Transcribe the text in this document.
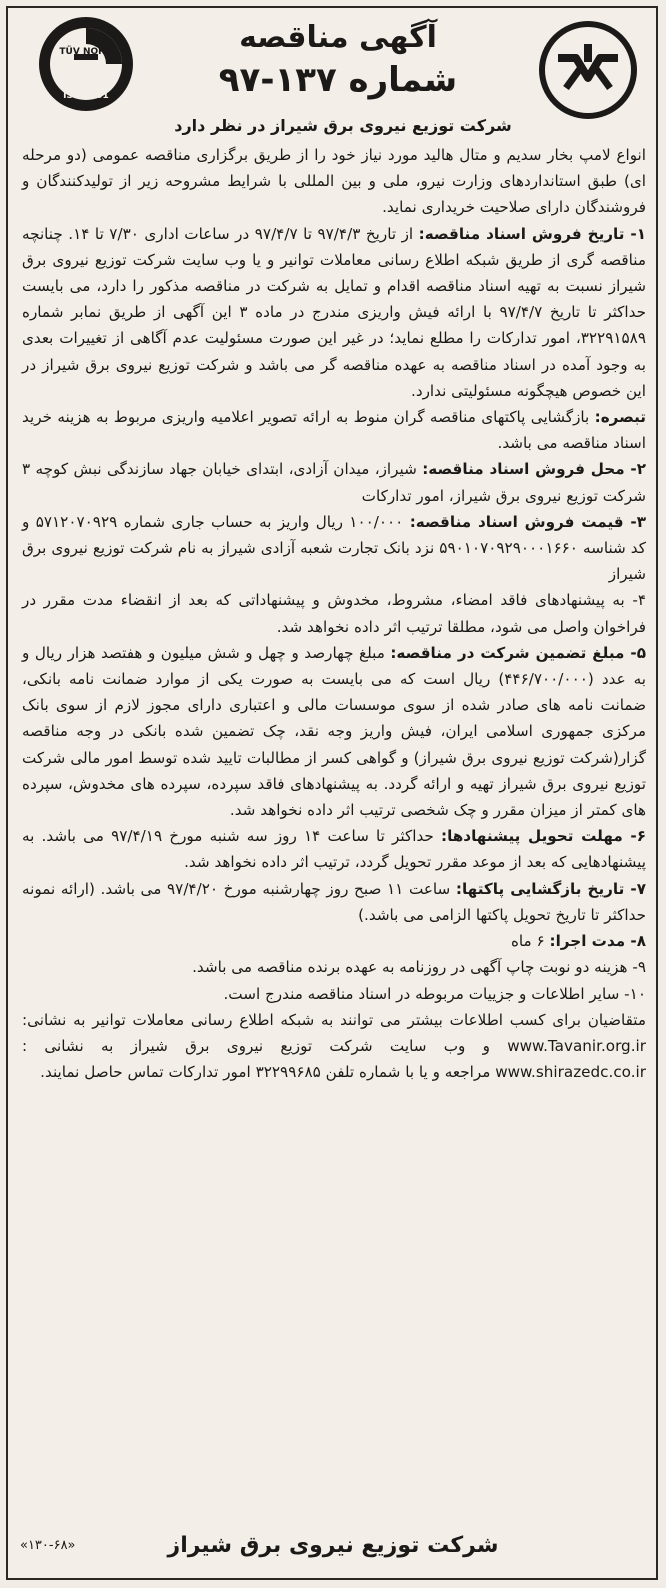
TÜV NORD
ISO 9001
آگهی مناقصه
شماره ۱۳۷-۹۷
شرکت توزیع نیروی برق شیراز در نظر دارد

انواع لامپ بخار سدیم و متال هالید مورد نیاز خود را از طریق برگزاری مناقصه عمومی (دو مرحله ای) طبق استانداردهای وزارت نیرو، ملی و بین المللی با شرایط مشروحه زیر از تولیدکنندگان و فروشندگان دارای صلاحیت خریداری نماید.

۱- تاریخ فروش اسناد مناقصه: از تاریخ ۹۷/۴/۳ تا ۹۷/۴/۷ در ساعات اداری ۷/۳۰ تا ۱۴. چنانچه مناقصه گری از طریق شبکه اطلاع رسانی معاملات توانیر و یا وب سایت شرکت توزیع نیروی برق شیراز نسبت به تهیه اسناد مناقصه اقدام و تمایل به شرکت در مناقصه مذکور را دارد، می بایست حداکثر تا تاریخ ۹۷/۴/۷ با ارائه فیش واریزی مندرج در ماده ۳ این آگهی از طریق نمابر شماره ۳۲۲۹۱۵۸۹، امور تدارکات را مطلع نماید؛ در غیر این صورت مسئولیت عدم آگاهی از تغییرات بعدی به وجود آمده در اسناد مناقصه به عهده مناقصه گر می باشد و شرکت توزیع نیروی برق شیراز در این خصوص هیچگونه مسئولیتی ندارد.

تبصره: بازگشایی پاکتهای مناقصه گران منوط به ارائه تصویر اعلامیه واریزی مربوط به هزینه خرید اسناد مناقصه می باشد.

۲- محل فروش اسناد مناقصه: شیراز، میدان آزادی، ابتدای خیابان جهاد سازندگی نبش کوچه ۳ شرکت توزیع نیروی برق شیراز، امور تدارکات

۳- قیمت فروش اسناد مناقصه: ۱۰۰/۰۰۰ ریال واریز به حساب جاری شماره ۵۷۱۲۰۷۰۹۲۹ و کد شناسه ۵۹۰۱۰۷۰۹۲۹۰۰۰۱۶۶۰ نزد بانک تجارت شعبه آزادی شیراز به نام شرکت توزیع نیروی برق شیراز

۴- به پیشنهادهای فاقد امضاء، مشروط، مخدوش و پیشنهاداتی که بعد از انقضاء مدت مقرر در فراخوان واصل می شود، مطلقا ترتیب اثر داده نخواهد شد.

۵- مبلغ تضمین شرکت در مناقصه: مبلغ چهارصد و چهل و شش میلیون و هفتصد هزار ریال و به عدد (۴۴۶/۷۰۰/۰۰۰) ریال است که می بایست به صورت یکی از موارد ضمانت نامه بانکی، ضمانت نامه های صادر شده از سوی موسسات مالی و اعتباری دارای مجوز لازم از سوی بانک مرکزی جمهوری اسلامی ایران، فیش واریز وجه نقد، چک تضمین شده بانکی در وجه مناقصه گزار(شرکت توزیع نیروی برق شیراز) و گواهی کسر از مطالبات تایید شده توسط امور مالی شرکت توزیع نیروی برق شیراز تهیه و ارائه گردد. به پیشنهادهای فاقد سپرده، سپرده های مخدوش، سپرده های کمتر از میزان مقرر و چک شخصی ترتیب اثر داده نخواهد شد.

۶- مهلت تحویل پیشنهادها: حداکثر تا ساعت ۱۴ روز سه شنبه مورخ ۹۷/۴/۱۹ می باشد. به پیشنهادهایی که بعد از موعد مقرر تحویل گردد، ترتیب اثر داده نخواهد شد.

۷- تاریخ بازگشایی پاکتها: ساعت ۱۱ صبح روز چهارشنبه مورخ ۹۷/۴/۲۰ می باشد. (ارائه نمونه حداکثر تا تاریخ تحویل پاکتها الزامی می باشد.)

۸- مدت اجرا: ۶ ماه

۹- هزینه دو نوبت چاپ آگهی در روزنامه به عهده برنده مناقصه می باشد.

۱۰- سایر اطلاعات و جزییات مربوطه در اسناد مناقصه مندرج است.

متقاضیان برای کسب اطلاعات بیشتر می توانند به شبکه اطلاع رسانی معاملات توانیر به نشانی: www.Tavanir.org.ir و وب سایت شرکت توزیع نیروی برق شیراز به نشانی : www.shirazedc.co.ir مراجعه و یا با شماره تلفن ۳۲۲۹۹۶۸۵ امور تدارکات تماس حاصل نمایند.

شرکت توزیع نیروی برق شیراز
«۱۳۰-۶۸»
